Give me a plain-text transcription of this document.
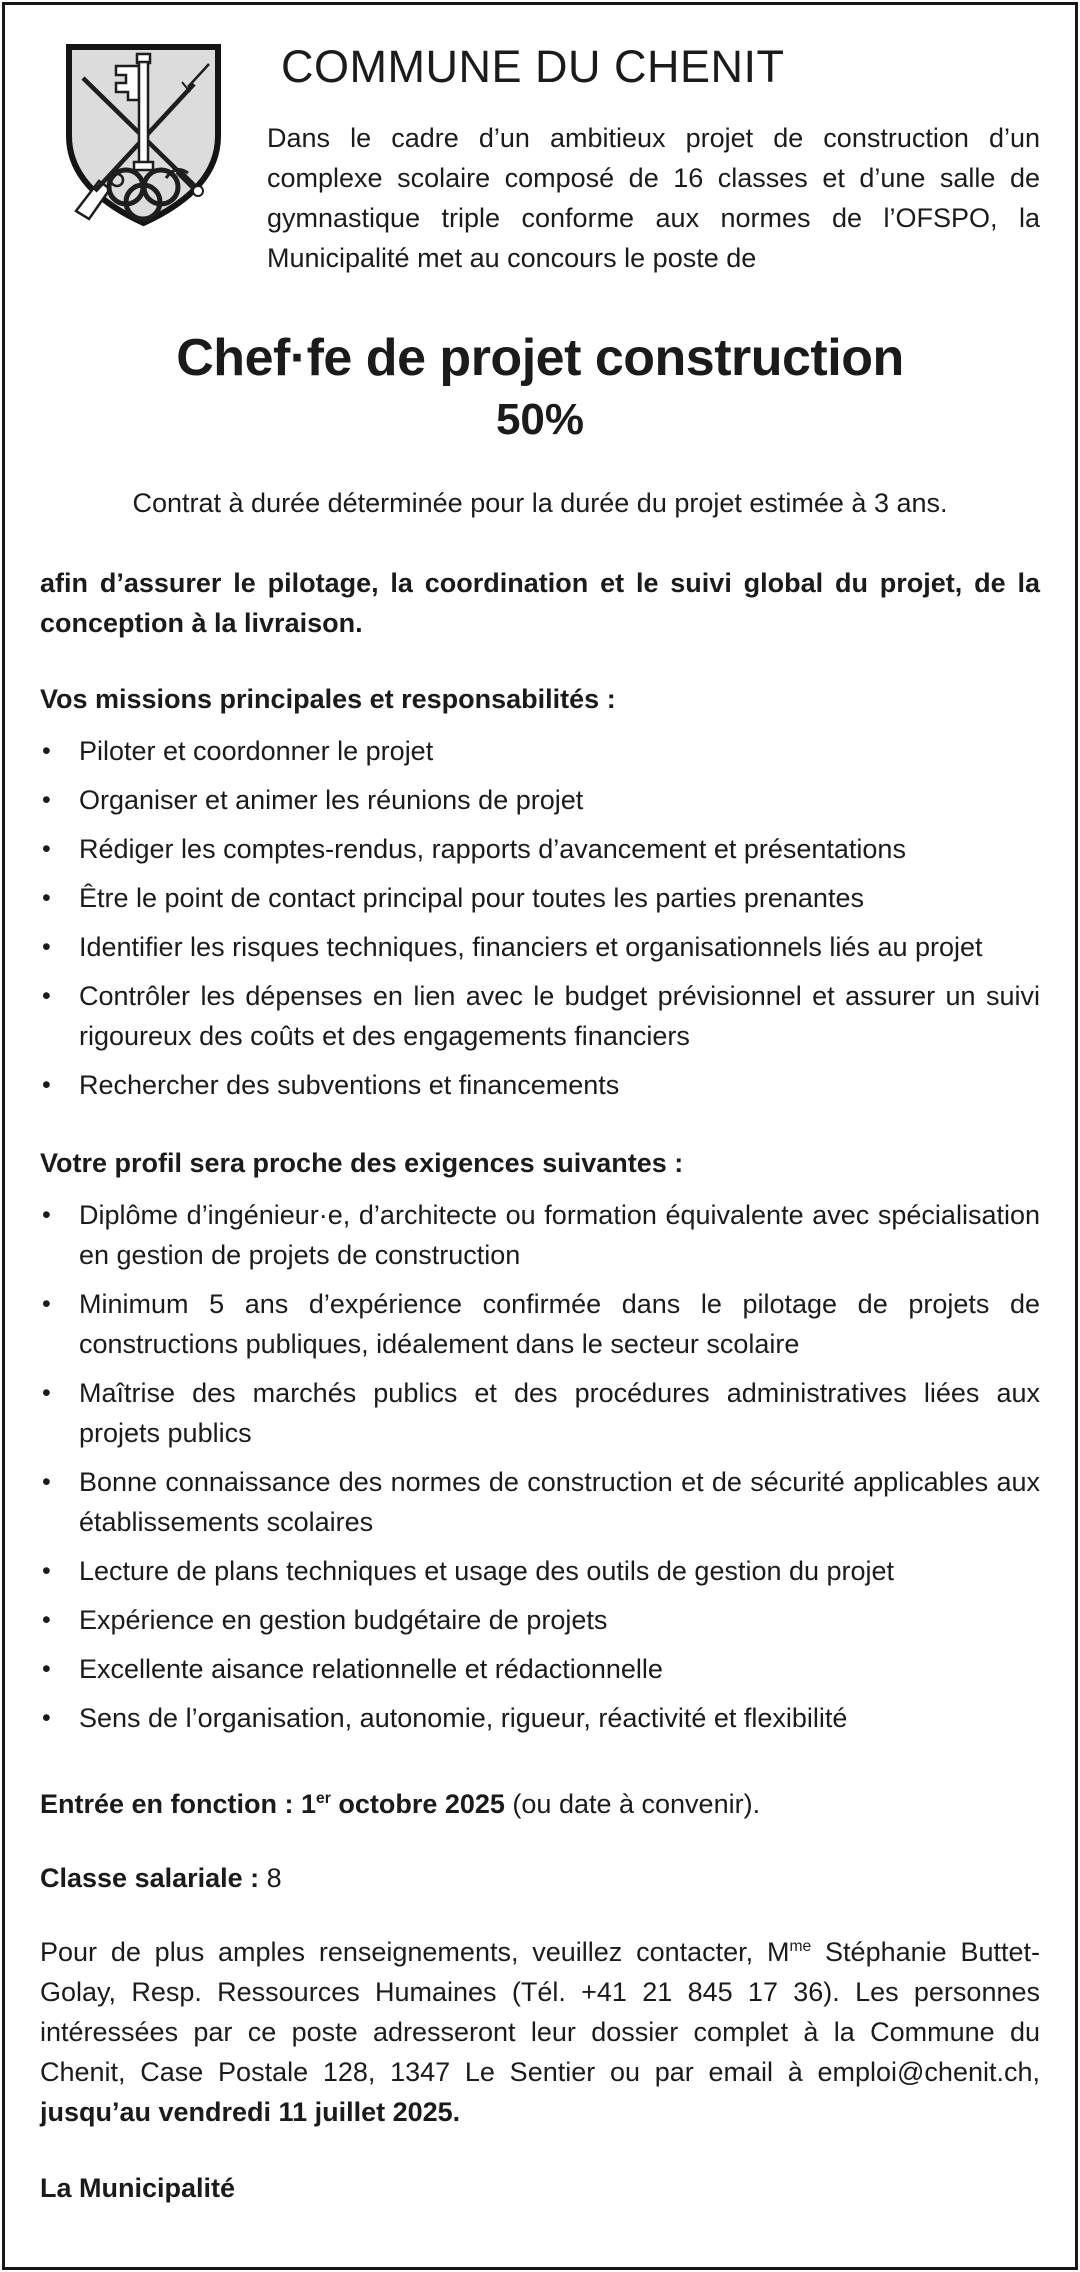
COMMUNE DU CHENIT

Dans le cadre d’un ambitieux projet de construction d’un complexe scolaire composé de 16 classes et d’une salle de gymnastique triple conforme aux normes de l’OFSPO, la Municipalité met au concours le poste de

Chef·fe de projet construction
50%

Contrat à durée déterminée pour la durée du projet estimée à 3 ans.

afin d’assurer le pilotage, la coordination et le suivi global du projet, de la conception à la livraison.

Vos missions principales et responsabilités :
• Piloter et coordonner le projet
• Organiser et animer les réunions de projet
• Rédiger les comptes-rendus, rapports d’avancement et présentations
• Être le point de contact principal pour toutes les parties prenantes
• Identifier les risques techniques, financiers et organisationnels liés au projet
• Contrôler les dépenses en lien avec le budget prévisionnel et assurer un suivi rigoureux des coûts et des engagements financiers
• Rechercher des subventions et financements
Votre profil sera proche des exigences suivantes :
• Diplôme d’ingénieur·e, d’architecte ou formation équivalente avec spécialisation en gestion de projets de construction
• Minimum 5 ans d’expérience confirmée dans le pilotage de projets de constructions publiques, idéalement dans le secteur scolaire
• Maîtrise des marchés publics et des procédures administratives liées aux projets publics
• Bonne connaissance des normes de construction et de sécurité applicables aux établissements scolaires
• Lecture de plans techniques et usage des outils de gestion du projet
• Expérience en gestion budgétaire de projets
• Excellente aisance relationnelle et rédactionnelle
• Sens de l’organisation, autonomie, rigueur, réactivité et flexibilité

Entrée en fonction : 1er octobre 2025 (ou date à convenir).

Classe salariale : 8

Pour de plus amples renseignements, veuillez contacter, $M^{me}$ Stéphanie Buttet-Golay, Resp. Ressources Humaines (Tél. +41 21 845 17 36). Les personnes intéressées par ce poste adresseront leur dossier complet à la Commune du Chenit, Case Postale 128, 1347 Le Sentier ou par email à emploi@chenit.ch, jusqu’au vendredi 11 juillet 2025.

La Municipalité
